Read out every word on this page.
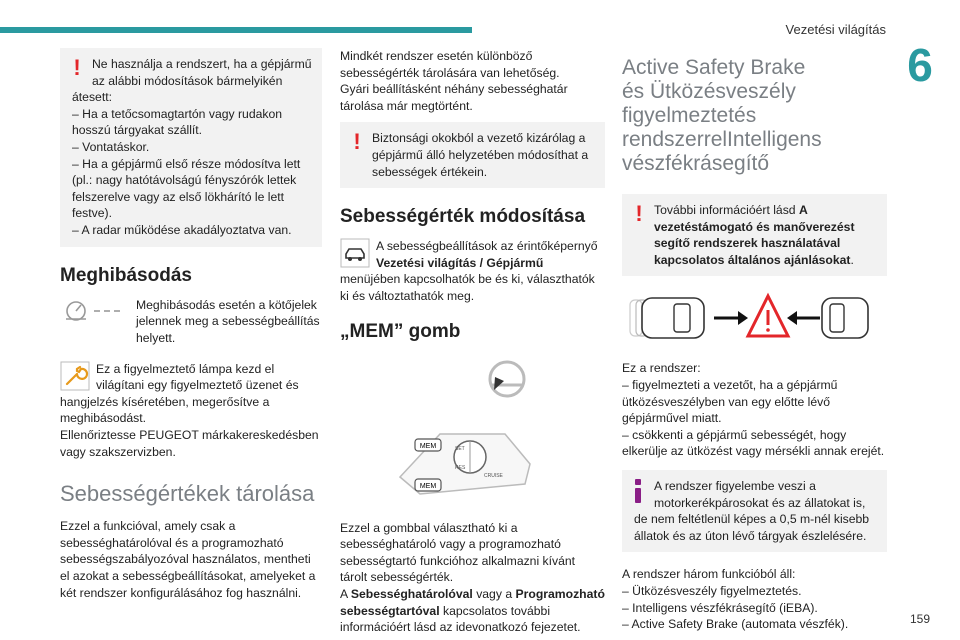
Vezetési világítás
6
! Ne használja a rendszert, ha a gépjármű az alábbi módosítások bármelyikén

átesett:

– Ha a tetőcsomagtartón vagy rudakon hosszú tárgyakat szállít.

– Vontatáskor.

– Ha a gépjármű első része módosítva lett (pl.: nagy hatótávolságú fényszórók lettek felszerelve vagy az első lökhárító le lett festve).

– A radar működése akadályoztatva van.

Meghibásodás

Meghibásodás esetén a kötőjelek jelennek meg a sebességbeállítás helyett.

Ez a figyelmeztető lámpa kezd el világítani egy figyelmeztető üzenet és

hangjelzés kíséretében, megerősítve a meghibásodást.

Ellenőriztesse PEUGEOT márkakereskedésben vagy szakszervizben.

Sebességértékek tárolása

Ezzel a funkcióval, amely csak a sebességhatárolóval és a programozható sebességszabályozóval használatos, mentheti el azokat a sebességbeállításokat, amelyeket a két rendszer konfigurálásához fog használni.

Mindkét rendszer esetén különböző sebességérték tárolására van lehetőség.

Gyári beállításként néhány sebességhatár tárolása már megtörtént.

! Biztonsági okokból a vezető kizárólag a gépjármű álló helyzetében módosíthat a sebességek értékein.

Sebességérték módosítása

A sebességbeállítások az érintőképernyő Vezetési világítás / Gépjármű

menüjében kapcsolhatók be és ki, választhatók ki és változtathatók meg.

„MEM” gomb
MEM
MEM
SET
RES
CRUISE

Ezzel a gombbal választható ki a sebességhatároló vagy a programozható sebességtartó funkcióhoz alkalmazni kívánt tárolt sebességérték.

A Sebességhatárolóval vagy a Programozható sebességtartóval kapcsolatos további információért lásd az idevonatkozó fejezetet.

Active Safety Brake
és Ütközésveszély
figyelmeztetés
rendszerrelIntelligens
vészfékrásegítő
! További információért lásd A vezetéstámogató és manőverezést segítő rendszerek használatával kapcsolatos általános ajánlásokat.

Ez a rendszer:

– figyelmezteti a vezetőt, ha a gépjármű ütközésveszélyben van egy előtte lévő gépjárművel miatt.

– csökkenti a gépjármű sebességét, hogy elkerülje az ütközést vagy mérsékli annak erejét.

A rendszer figyelembe veszi a motorkerékpárosokat és az állatokat is,

de nem feltétlenül képes a 0,5 m-nél kisebb állatok és az úton lévő tárgyak észlelésére.

A rendszer három funkcióból áll:

– Ütközésveszély figyelmeztetés.

– Intelligens vészfékrásegítő (iEBA).

– Active Safety Brake (automata vészfék).	159
